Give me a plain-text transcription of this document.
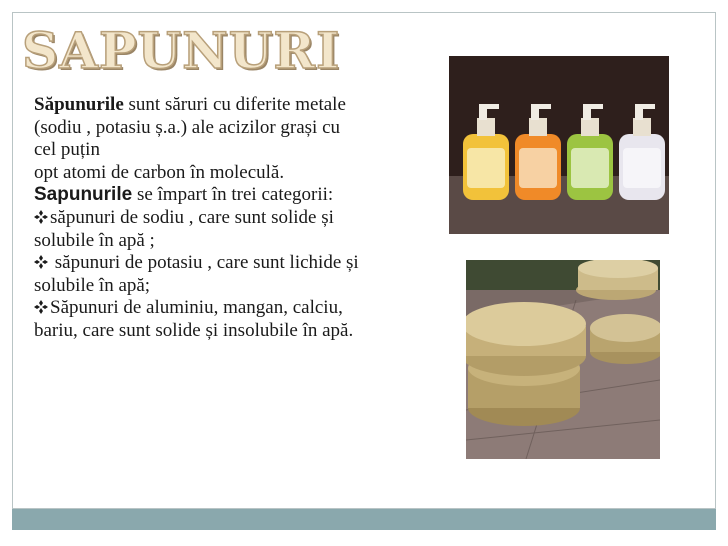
SAPUNURI

Săpunurile sunt săruri cu diferite metale (sodiu , potasiu ș.a.) ale acizilor grași cu cel puțin

opt atomi de carbon în moleculă.

Sapunurile se împart în trei categorii:

săpunuri de sodiu , care sunt solide și solubile în apă ;

săpunuri de potasiu , care sunt lichide și solubile în apă;

Săpunuri de aluminiu, mangan, calciu, bariu, care sunt solide și insolubile în apă.
